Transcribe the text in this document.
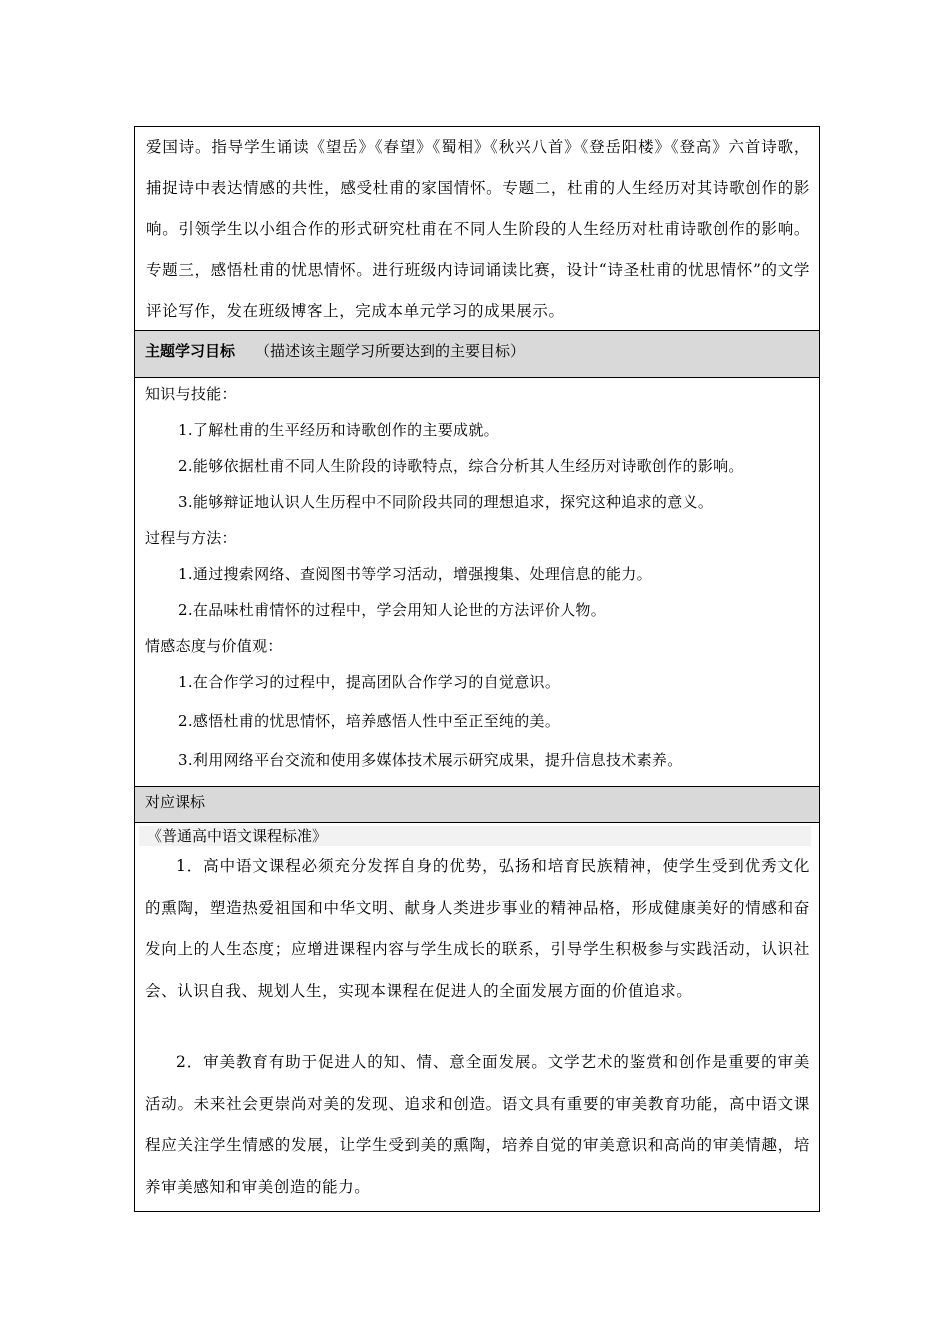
爱国诗。指导学生诵读《望岳》《春望》《蜀相》《秋兴八首》《登岳阳楼》《登高》六首诗歌，捕捉诗中表达情感的共性，感受杜甫的家国情怀。专题二，杜甫的人生经历对其诗歌创作的影响。引领学生以小组合作的形式研究杜甫在不同人生阶段的人生经历对杜甫诗歌创作的影响。专题三，感悟杜甫的忧思情怀。进行班级内诗词诵读比赛，设计“诗圣杜甫的忧思情怀”的文学评论写作，发在班级博客上，完成本单元学习的成果展示。

主题学习目标 （描述该主题学习所要达到的主要目标）
知识与技能：
1.了解杜甫的生平经历和诗歌创作的主要成就。
2.能够依据杜甫不同人生阶段的诗歌特点，综合分析其人生经历对诗歌创作的影响。
3.能够辩证地认识人生历程中不同阶段共同的理想追求，探究这种追求的意义。
过程与方法：
1.通过搜索网络、查阅图书等学习活动，增强搜集、处理信息的能力。
2.在品味杜甫情怀的过程中，学会用知人论世的方法评价人物。
情感态度与价值观：
1.在合作学习的过程中，提高团队合作学习的自觉意识。
2.感悟杜甫的忧思情怀，培养感悟人性中至正至纯的美。
3.利用网络平台交流和使用多媒体技术展示研究成果，提升信息技术素养。
对应课标
《普通高中语文课程标准》

1．高中语文课程必须充分发挥自身的优势，弘扬和培育民族精神，使学生受到优秀文化的熏陶，塑造热爱祖国和中华文明、献身人类进步事业的精神品格，形成健康美好的情感和奋发向上的人生态度；应增进课程内容与学生成长的联系，引导学生积极参与实践活动，认识社会、认识自我、规划人生，实现本课程在促进人的全面发展方面的价值追求。

2．审美教育有助于促进人的知、情、意全面发展。文学艺术的鉴赏和创作是重要的审美活动。未来社会更崇尚对美的发现、追求和创造。语文具有重要的审美教育功能，高中语文课程应关注学生情感的发展，让学生受到美的熏陶，培养自觉的审美意识和高尚的审美情趣，培养审美感知和审美创造的能力。
